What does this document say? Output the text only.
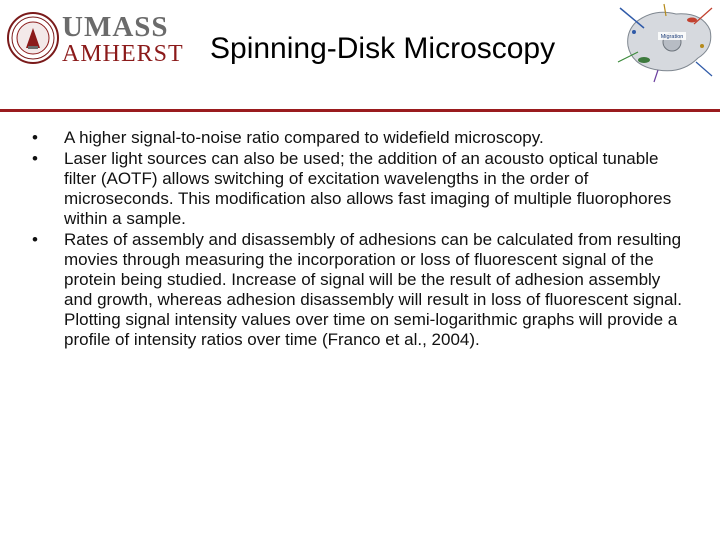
UMASS
AMHERST Spinning-Disk Microscopy	Migration
• A higher signal-to-noise ratio compared to widefield microscopy.
• Laser light sources can also be used; the addition of an acousto optical tunable filter (AOTF) allows switching of excitation wavelengths in the order of microseconds. This modification also allows fast imaging of multiple fluorophores within a sample.
• Rates of assembly and disassembly of adhesions can be calculated from resulting movies through measuring the incorporation or loss of fluorescent signal of the protein being studied. Increase of signal will be the result of adhesion assembly and growth, whereas adhesion disassembly will result in loss of fluorescent signal. Plotting signal intensity values over time on semi-logarithmic graphs will provide a profile of intensity ratios over time (Franco et al., 2004).
